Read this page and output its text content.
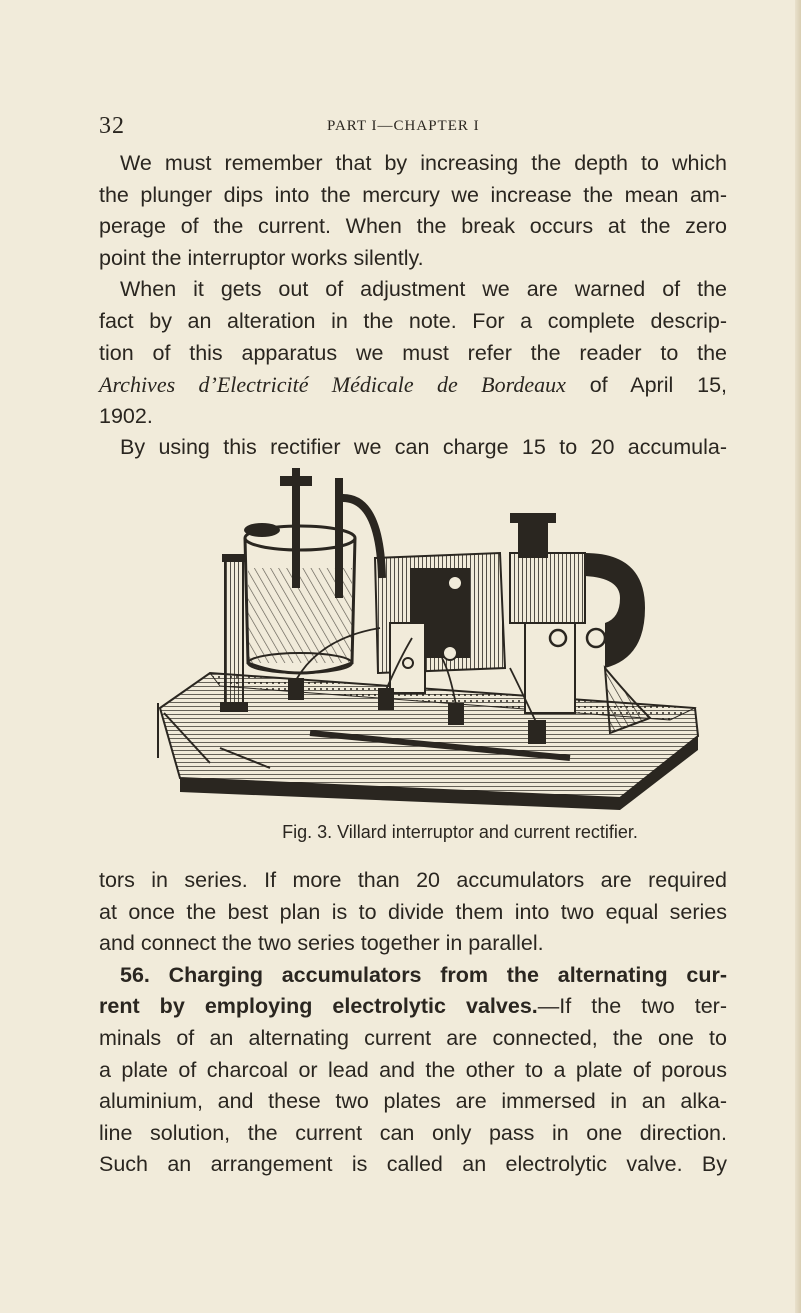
32	PART I—CHAPTER I
We must remember that by increasing the depth to which
the plunger dips into the mercury we increase the mean am-
perage of the current. When the break occurs at the zero
point the interruptor works silently.
When it gets out of adjustment we are warned of the
fact by an alteration in the note. For a complete descrip-
tion of this apparatus we must refer the reader to the
Archives d’Electricité Médicale de Bordeaux of April 15,
1902.
By using this rectifier we can charge 15 to 20 accumula-
Fig. 3. Villard interruptor and current rectifier.
tors in series. If more than 20 accumulators are required
at once the best plan is to divide them into two equal series
and connect the two series together in parallel.
56. Charging accumulators from the alternating cur-
rent by employing electrolytic valves.—If the two ter-
minals of an alternating current are connected, the one to
a plate of charcoal or lead and the other to a plate of porous
aluminium, and these two plates are immersed in an alka-
line solution, the current can only pass in one direction.
Such an arrangement is called an electrolytic valve. By
